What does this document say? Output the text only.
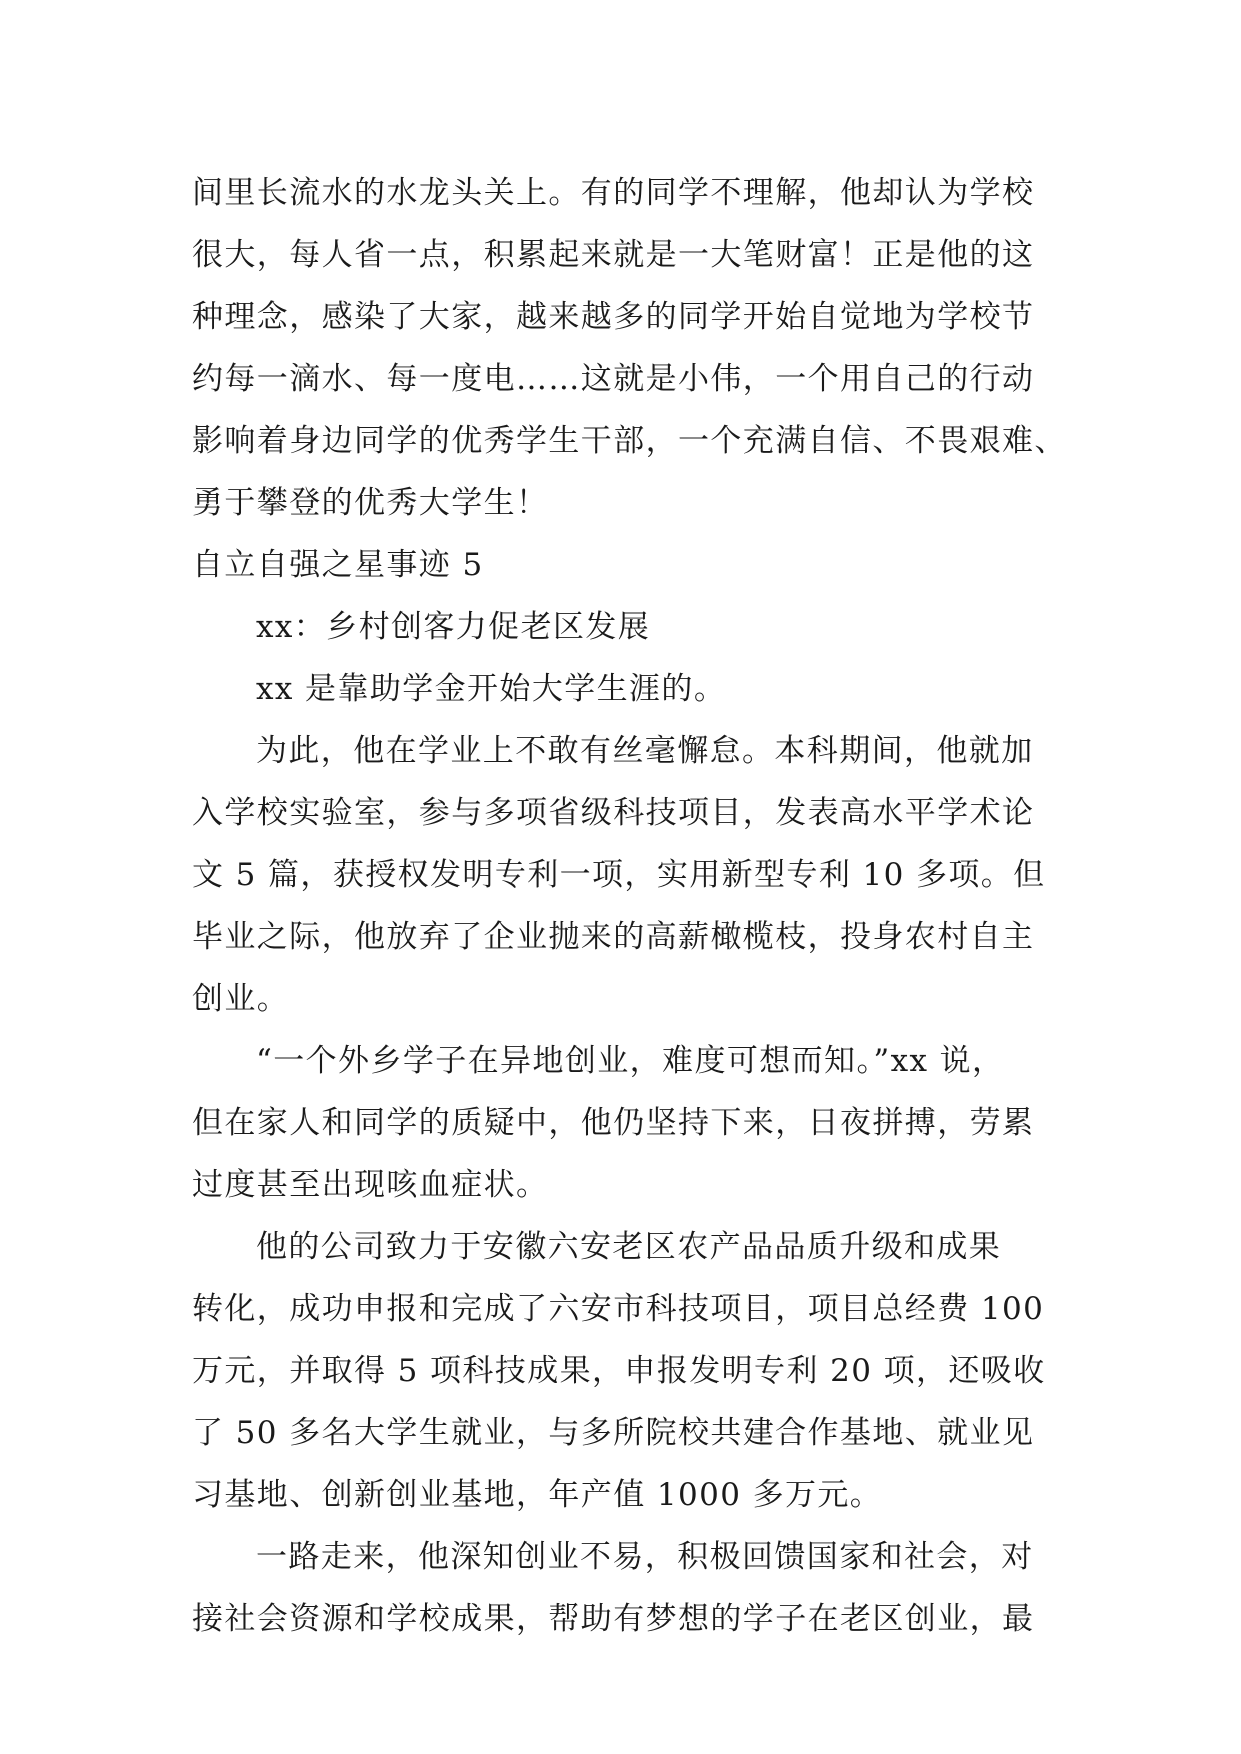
间里长流水的水龙头关上。有的同学不理解，他却认为学校
很大，每人省一点，积累起来就是一大笔财富！正是他的这
种理念，感染了大家，越来越多的同学开始自觉地为学校节
约每一滴水、每一度电……这就是小伟，一个用自己的行动
影响着身边同学的优秀学生干部，一个充满自信、不畏艰难、
勇于攀登的优秀大学生！
自立自强之星事迹 5
xx：乡村创客力促老区发展
xx 是靠助学金开始大学生涯的。
为此，他在学业上不敢有丝毫懈怠。本科期间，他就加
入学校实验室，参与多项省级科技项目，发表高水平学术论
文 5 篇，获授权发明专利一项，实用新型专利 10 多项。但
毕业之际，他放弃了企业抛来的高薪橄榄枝，投身农村自主
创业。
“一个外乡学子在异地创业，难度可想而知。”xx 说，
但在家人和同学的质疑中，他仍坚持下来，日夜拼搏，劳累
过度甚至出现咳血症状。
他的公司致力于安徽六安老区农产品品质升级和成果
转化，成功申报和完成了六安市科技项目，项目总经费 100
万元，并取得 5 项科技成果，申报发明专利 20 项，还吸收
了 50 多名大学生就业，与多所院校共建合作基地、就业见
习基地、创新创业基地，年产值 1000 多万元。
一路走来，他深知创业不易，积极回馈国家和社会，对
接社会资源和学校成果，帮助有梦想的学子在老区创业，最
